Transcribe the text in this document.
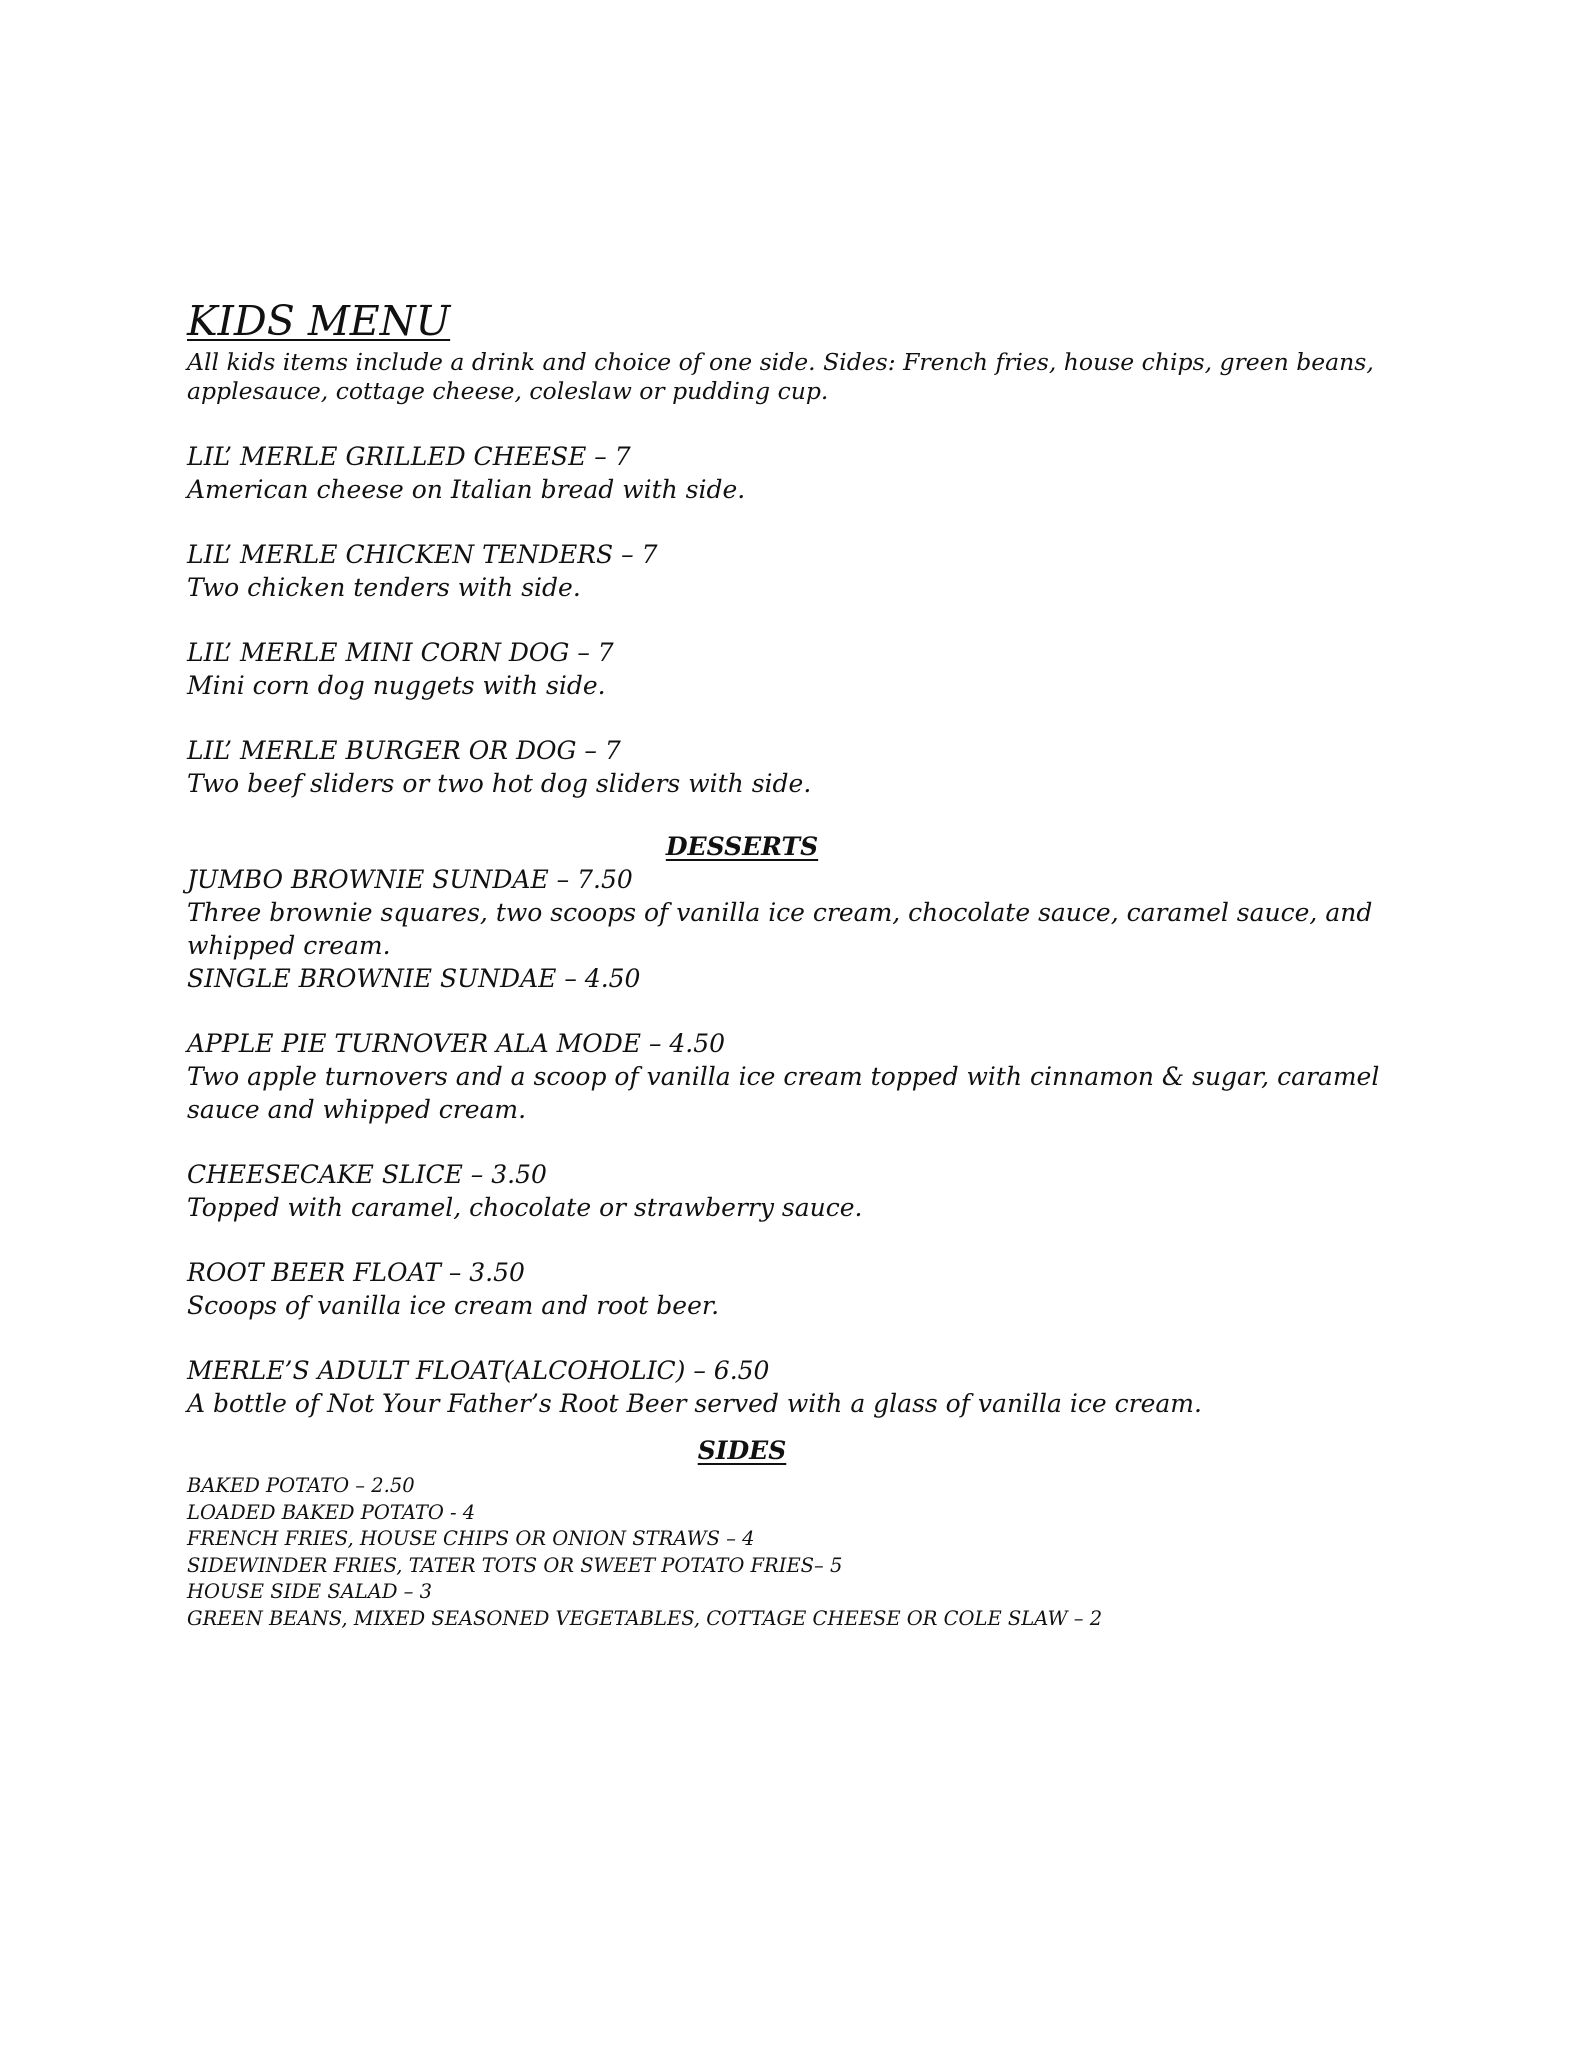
KIDS MENU

All kids items include a drink and choice of one side. Sides: French fries, house chips, green beans, applesauce, cottage cheese, coleslaw or pudding cup.

LIL’ MERLE GRILLED CHEESE – 7
American cheese on Italian bread with side.
LIL’ MERLE CHICKEN TENDERS – 7
Two chicken tenders with side.
LIL’ MERLE MINI CORN DOG – 7
Mini corn dog nuggets with side.
LIL’ MERLE BURGER OR DOG – 7
Two beef sliders or two hot dog sliders with side.
DESSERTS
JUMBO BROWNIE SUNDAE – 7.50
Three brownie squares, two scoops of vanilla ice cream, chocolate sauce, caramel sauce, and whipped cream.
SINGLE BROWNIE SUNDAE – 4.50
APPLE PIE TURNOVER ALA MODE – 4.50
Two apple turnovers and a scoop of vanilla ice cream topped with cinnamon & sugar, caramel sauce and whipped cream.
CHEESECAKE SLICE – 3.50
Topped with caramel, chocolate or strawberry sauce.
ROOT BEER FLOAT – 3.50
Scoops of vanilla ice cream and root beer.
MERLE’S ADULT FLOAT(ALCOHOLIC) – 6.50
A bottle of Not Your Father’s Root Beer served with a glass of vanilla ice cream.
SIDES
BAKED POTATO – 2.50
LOADED BAKED POTATO - 4
FRENCH FRIES, HOUSE CHIPS OR ONION STRAWS – 4
SIDEWINDER FRIES, TATER TOTS OR SWEET POTATO FRIES– 5
HOUSE SIDE SALAD – 3
GREEN BEANS, MIXED SEASONED VEGETABLES, COTTAGE CHEESE OR COLE SLAW – 2
